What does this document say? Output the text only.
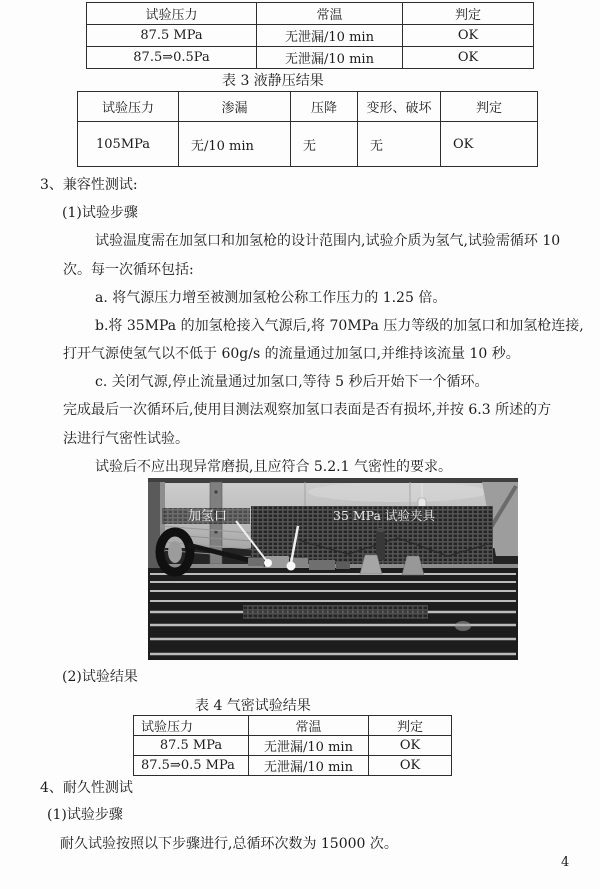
试验压力	常温	判定
87.5 MPa	无泄漏/10 min	OK
87.5⇒0.5Pa	无泄漏/10 min	OK
表 3 液静压结果
试验压力	渗漏	压降	变形、破坏	判定
105MPa	无/10 min	无	无	OK
3、兼容性测试:
(1)试验步骤
试验温度需在加氢口和加氢枪的设计范围内,试验介质为氢气,试验需循环 10
次。每一次循环包括:
a. 将气源压力增至被测加氢枪公称工作压力的 1.25 倍。
b.将 35MPa 的加氢枪接入气源后,将 70MPa 压力等级的加氢口和加氢枪连接,
打开气源使氢气以不低于 60g/s 的流量通过加氢口,并维持该流量 10 秒。
c. 关闭气源,停止流量通过加氢口,等待 5 秒后开始下一个循环。
完成最后一次循环后,使用目测法观察加氢口表面是否有损坏,并按 6.3 所述的方
法进行气密性试验。
试验后不应出现异常磨损,且应符合 5.2.1 气密性的要求。
加氢口	35 MPa 试验夹具
(2)试验结果
表 4 气密试验结果
试验压力	常温	判定
87.5 MPa	无泄漏/10 min	OK
87.5⇒0.5 MPa	无泄漏/10 min	OK
4、耐久性测试
(1)试验步骤
耐久试验按照以下步骤进行,总循环次数为 15000 次。
4
